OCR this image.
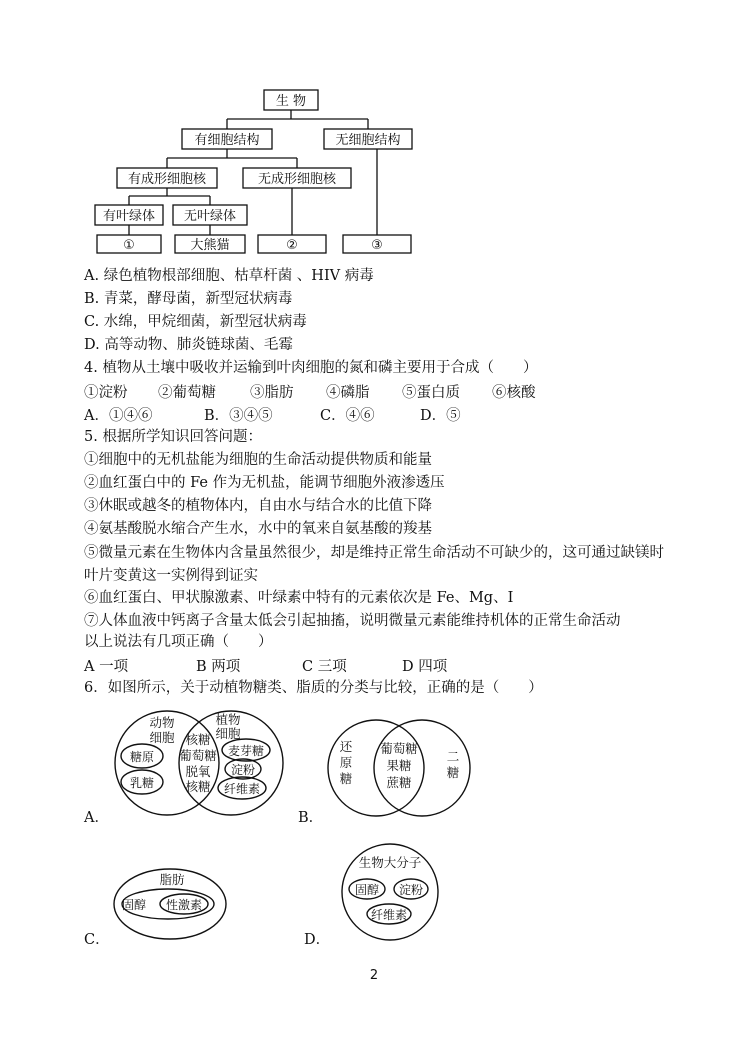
生 物
有细胞结构	无细胞结构
有成形细胞核	无成形细胞核
有叶绿体 无叶绿体
①	大熊猫	②	③
A. 绿色植物根部细胞、枯草杆菌 、HIV 病毒
B. 青菜，酵母菌，新型冠状病毒
C. 水绵，甲烷细菌，新型冠状病毒
D. 高等动物、肺炎链球菌、毛霉
4. 植物从土壤中吸收并运输到叶肉细胞的氮和磷主要用于合成（　　）
①淀粉 ②葡萄糖 ③脂肪 ④磷脂 ⑤蛋白质 ⑥核酸
A．①④⑥	B．③④⑤	C．④⑥	D．⑤
5. 根据所学知识回答问题：
①细胞中的无机盐能为细胞的生命活动提供物质和能量
②血红蛋白中的 Fe 作为无机盐，能调节细胞外液渗透压
③休眠或越冬的植物体内，自由水与结合水的比值下降
④氨基酸脱水缩合产生水，水中的氧来自氨基酸的羧基
⑤微量元素在生物体内含量虽然很少，却是维持正常生命活动不可缺少的，这可通过缺镁时叶片变黄这一实例得到证实
⑥血红蛋白、甲状腺激素、叶绿素中特有的元素依次是 Fe、Mg、I
⑦人体血液中钙离子含量太低会引起抽搐，说明微量元素能维持机体的正常生命活动
以上说法有几项正确（　　）
A 一项	B 两项	C 三项	D 四项
6．如图所示，关于动植物糖类、脂质的分类与比较，正确的是（　　）
动物
细胞
植物
细胞
糖原
乳糖
核糖
葡萄糖
脱氧
核糖
麦芽糖
淀粉
纤维素
A．
还
原
糖
葡萄糖
果糖
蔗糖
二
糖
B．
脂肪
固醇 性激素
C．
生物大分子
固醇 淀粉
纤维素
D．
2
